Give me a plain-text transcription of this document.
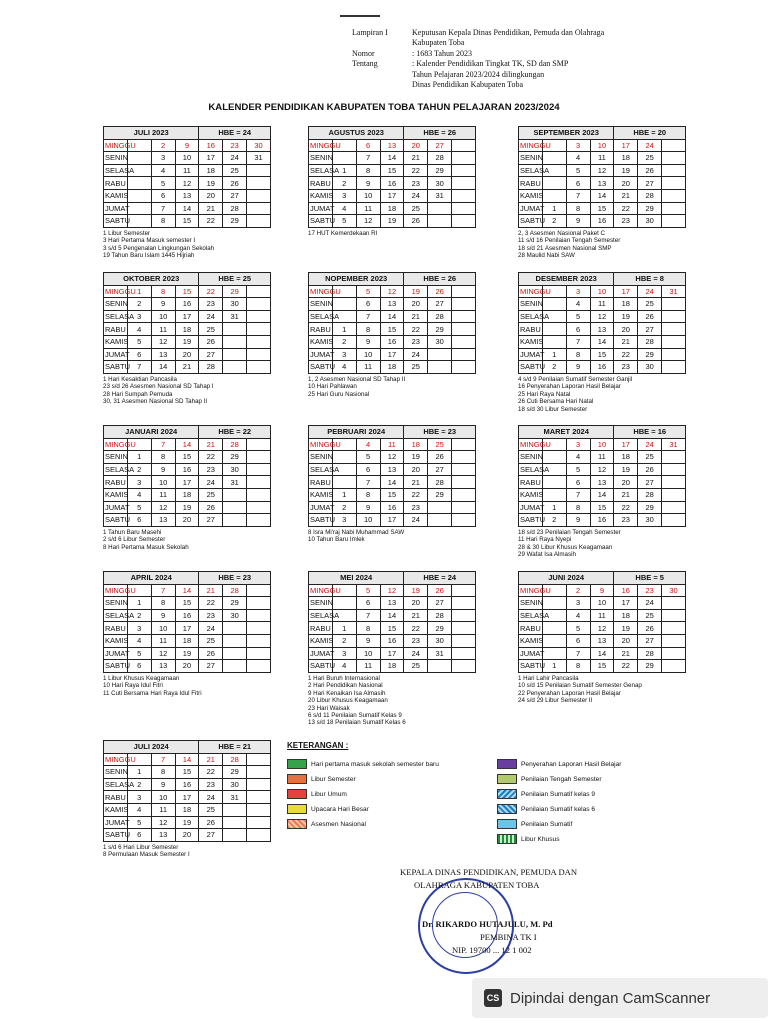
Lampiran I	Keputusan Kepala Dinas Pendidikan, Pemuda dan Olahraga
Kabupaten Toba
Nomor	: 1683 Tahun 2023
Tentang	: Kalender Pendidikan Tingkat TK, SD dan SMP
Tahun Pelajaran 2023/2024 dilingkungan
Dinas Pendidikan Kabupaten Toba
KALENDER PENDIDIKAN KABUPATEN TOBA TAHUN PELAJARAN 2023/2024
JULI 2023				HBE = 24		
MINGGU		2	9	16	23	30
SENIN		3	10	17	24	31
SELASA		4	11	18	25	
RABU		5	12	19	26	
KAMIS		6	13	20	27	
JUMAT		7	14	21	28	
SABTU		8	15	22	29	
1 Libur Semester
3 Hari Pertama Masuk semester I
3 s/d 5 Pengenalan Lingkungan Sekolah
19 Tahun Baru Islam 1445 Hijriah
AGUSTUS 2023				HBE = 26		
MINGGU		6	13	20	27	
SENIN		7	14	21	28	
SELASA	1	8	15	22	29	
RABU	2	9	16	23	30	
KAMIS	3	10	17	24	31	
JUMAT	4	11	18	25		
SABTU	5	12	19	26		
17 HUT Kemerdekaan RI
SEPTEMBER 2023				HBE = 20		
MINGGU		3	10	17	24	
SENIN		4	11	18	25	
SELASA		5	12	19	26	
RABU		6	13	20	27	
KAMIS		7	14	21	28	
JUMAT	1	8	15	22	29	
SABTU	2	9	16	23	30	
2, 3 Asesmen Nasional Paket C
11 s/d 16 Penilaian Tengah Semester
18 s/d 21 Asesmen Nasional SMP
28 Maulid Nabi SAW
OKTOBER 2023				HBE = 25		
MINGGU	1	8	15	22	29	
SENIN	2	9	16	23	30	
SELASA	3	10	17	24	31	
RABU	4	11	18	25		
KAMIS	5	12	19	26		
JUMAT	6	13	20	27		
SABTU	7	14	21	28		
1 Hari Kesaktian Pancasila
23 s/d 26 Asesmen Nasional SD Tahap I
28 Hari Sumpah Pemuda
30, 31 Asesmen Nasional SD Tahap II
NOPEMBER 2023				HBE = 26		
MINGGU		5	12	19	26	
SENIN		6	13	20	27	
SELASA		7	14	21	28	
RABU	1	8	15	22	29	
KAMIS	2	9	16	23	30	
JUMAT	3	10	17	24		
SABTU	4	11	18	25		
1, 2 Asesmen Nasional SD Tahap II
10 Hari Pahlawan
25 Hari Guru Nasional
DESEMBER 2023				HBE = 8		
MINGGU		3	10	17	24	31
SENIN		4	11	18	25	
SELASA		5	12	19	26	
RABU		6	13	20	27	
KAMIS		7	14	21	28	
JUMAT	1	8	15	22	29	
SABTU	2	9	16	23	30	
4 s/d 9 Penilaian Sumatif Semester Ganjil
16 Penyerahan Laporan Hasil Belajar
25 Hari Raya Natal
26 Cuti Bersama Hari Natal
18 s/d 30 Libur Semester
JANUARI 2024				HBE = 22		
MINGGU		7	14	21	28	
SENIN	1	8	15	22	29	
SELASA	2	9	16	23	30	
RABU	3	10	17	24	31	
KAMIS	4	11	18	25		
JUMAT	5	12	19	26		
SABTU	6	13	20	27		
1 Tahun Baru Masehi
2 s/d 6 Libur Semester
8 Hari Pertama Masuk Sekolah
PEBRUARI 2024				HBE = 23		
MINGGU		4	11	18	25	
SENIN		5	12	19	26	
SELASA		6	13	20	27	
RABU		7	14	21	28	
KAMIS	1	8	15	22	29	
JUMAT	2	9	16	23		
SABTU	3	10	17	24		
8 Isra Mi'raj Nabi Muhammad SAW
10 Tahun Baru Imlek
MARET 2024				HBE = 16		
MINGGU		3	10	17	24	31
SENIN		4	11	18	25	
SELASA		5	12	19	26	
RABU		6	13	20	27	
KAMIS		7	14	21	28	
JUMAT	1	8	15	22	29	
SABTU	2	9	16	23	30	
18 s/d 23 Penilaian Tengah Semester
11 Hari Raya Nyepi
28 & 30 Libur Khusus Keagamaan
29 Wafat Isa Almasih
APRIL 2024				HBE = 23		
MINGGU		7	14	21	28	
SENIN	1	8	15	22	29	
SELASA	2	9	16	23	30	
RABU	3	10	17	24		
KAMIS	4	11	18	25		
JUMAT	5	12	19	26		
SABTU	6	13	20	27		
1 Libur Khusus Keagamaan
10 Hari Raya Idul Fitri
11 Cuti Bersama Hari Raya Idul Fitri
MEI 2024				HBE = 24		
MINGGU		5	12	19	26	
SENIN		6	13	20	27	
SELASA		7	14	21	28	
RABU	1	8	15	22	29	
KAMIS	2	9	16	23	30	
JUMAT	3	10	17	24	31	
SABTU	4	11	18	25		
1 Hari Buruh Internasional
2 Hari Pendidikan Nasional
9 Hari Kenaikan Isa Almasih
20 Libur Khusus Keagamaan
23 Hari Waisak
6 s/d 11 Penilaian Sumatif Kelas 9
13 s/d 18 Penilaian Sumatif Kelas 6
JUNI 2024				HBE = 5		
MINGGU		2	9	16	23	30
SENIN		3	10	17	24	
SELASA		4	11	18	25	
RABU		5	12	19	26	
KAMIS		6	13	20	27	
JUMAT		7	14	21	28	
SABTU	1	8	15	22	29	
1 Hari Lahir Pancasila
10 s/d 15 Penilaian Sumatif Semester Genap
22 Penyerahan Laporan Hasil Belajar
24 s/d 29 Libur Semester II
JULI 2024				HBE = 21		
MINGGU		7	14	21	28	
SENIN	1	8	15	22	29	
SELASA	2	9	16	23	30	
RABU	3	10	17	24	31	
KAMIS	4	11	18	25		
JUMAT	5	12	19	26		
SABTU	6	13	20	27		
1 s/d 6 Hari Libur Semester
8 Permulaan Masuk Semester I
KETERANGAN :
Hari pertama masuk sekolah semester baru
Libur Semester
Libur Umum
Upacara Hari Besar
Asesmen Nasional
Penyerahan Laporan Hasil Belajar
Penilaian Tengah Semester
Penilaian Sumatif kelas 9
Penilaian Sumatif kelas 6
Penilaian Sumatif
Libur Khusus
KEPALA DINAS PENDIDIKAN, PEMUDA DAN
OLAHRAGA KABUPATEN TOBA
Dr. RIKARDO HUTAJULU, M. Pd
PEMBINA TK I
NIP. 19700 ... 12 1 002
CS Dipindai dengan CamScanner
